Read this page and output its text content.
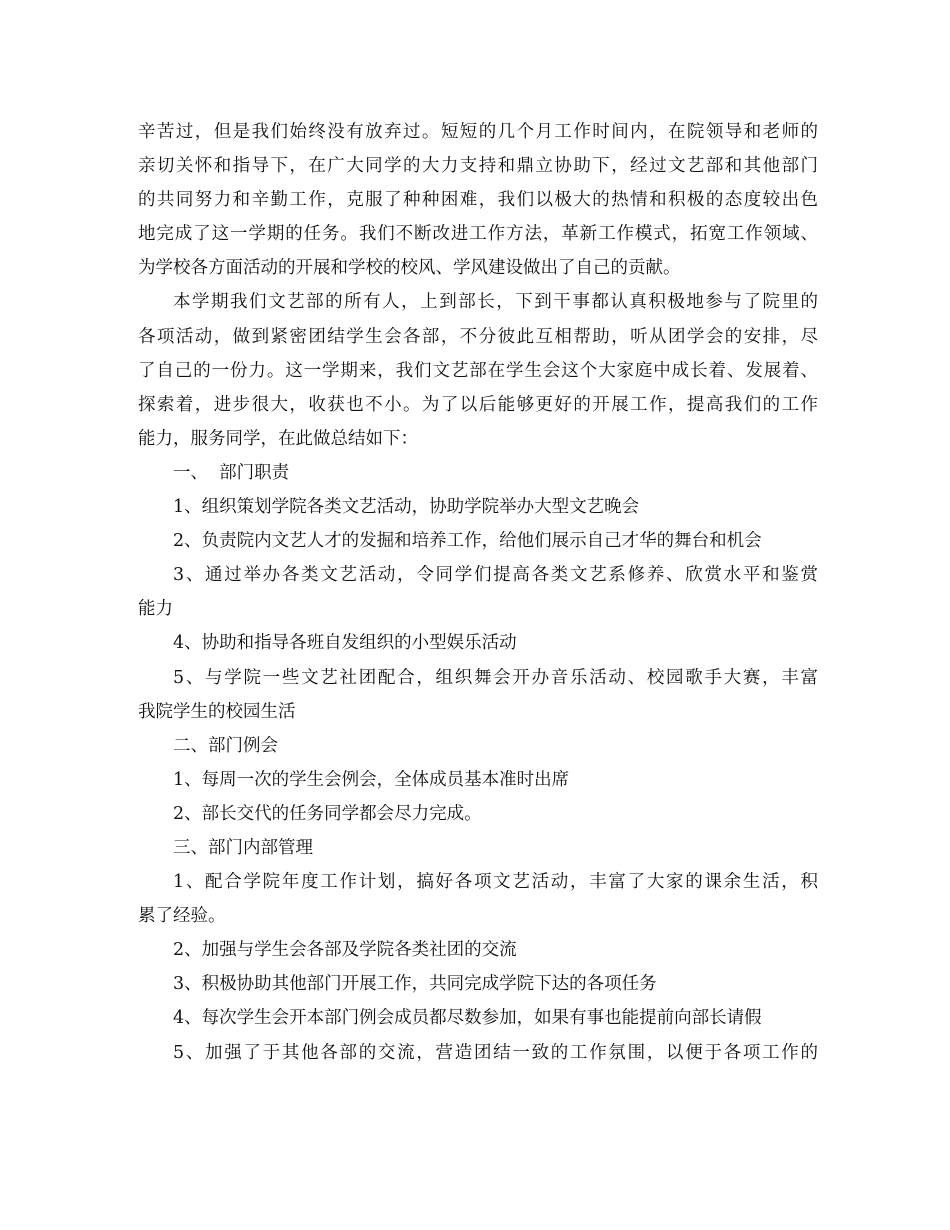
辛苦过，但是我们始终没有放弃过。短短的几个月工作时间内，在院领导和老师的
亲切关怀和指导下，在广大同学的大力支持和鼎立协助下，经过文艺部和其他部门
的共同努力和辛勤工作，克服了种种困难，我们以极大的热情和积极的态度较出色
地完成了这一学期的任务。我们不断改进工作方法，革新工作模式，拓宽工作领域、
为学校各方面活动的开展和学校的校风、学风建设做出了自己的贡献。

本学期我们文艺部的所有人，上到部长，下到干事都认真积极地参与了院里的
各项活动，做到紧密团结学生会各部，不分彼此互相帮助，听从团学会的安排，尽
了自己的一份力。这一学期来，我们文艺部在学生会这个大家庭中成长着、发展着、
探索着，进步很大，收获也不小。为了以后能够更好的开展工作，提高我们的工作
能力，服务同学，在此做总结如下：

一、  部门职责

1、组织策划学院各类文艺活动，协助学院举办大型文艺晚会

2、负责院内文艺人才的发掘和培养工作，给他们展示自己才华的舞台和机会

3、通过举办各类文艺活动，令同学们提高各类文艺系修养、欣赏水平和鉴赏
能力

4、协助和指导各班自发组织的小型娱乐活动

5、与学院一些文艺社团配合，组织舞会开办音乐活动、校园歌手大赛，丰富
我院学生的校园生活

二、部门例会

1、每周一次的学生会例会，全体成员基本准时出席

2、部长交代的任务同学都会尽力完成。

三、部门内部管理

1、配合学院年度工作计划，搞好各项文艺活动，丰富了大家的课余生活，积
累了经验。

2、加强与学生会各部及学院各类社团的交流

3、积极协助其他部门开展工作，共同完成学院下达的各项任务

4、每次学生会开本部门例会成员都尽数参加，如果有事也能提前向部长请假

5、加强了于其他各部的交流，营造团结一致的工作氛围，以便于各项工作的
